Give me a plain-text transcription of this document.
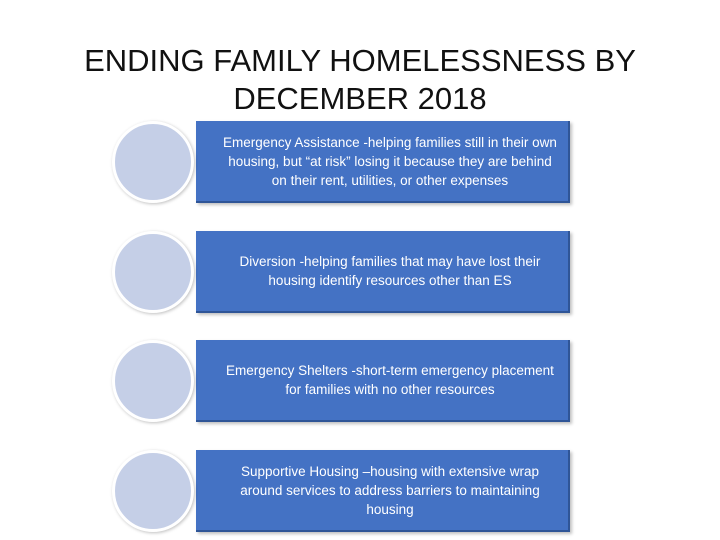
ENDING FAMILY HOMELESSNESS BY
DECEMBER 2018
Emergency Assistance -helping families still in their own housing, but “at risk” losing it because they are behind on their rent, utilities, or other expenses
Diversion -helping families that may have lost their housing identify resources other than ES
Emergency Shelters -short-term emergency placement for families with no other resources
Supportive Housing –housing with extensive wrap around services to address barriers to maintaining housing
